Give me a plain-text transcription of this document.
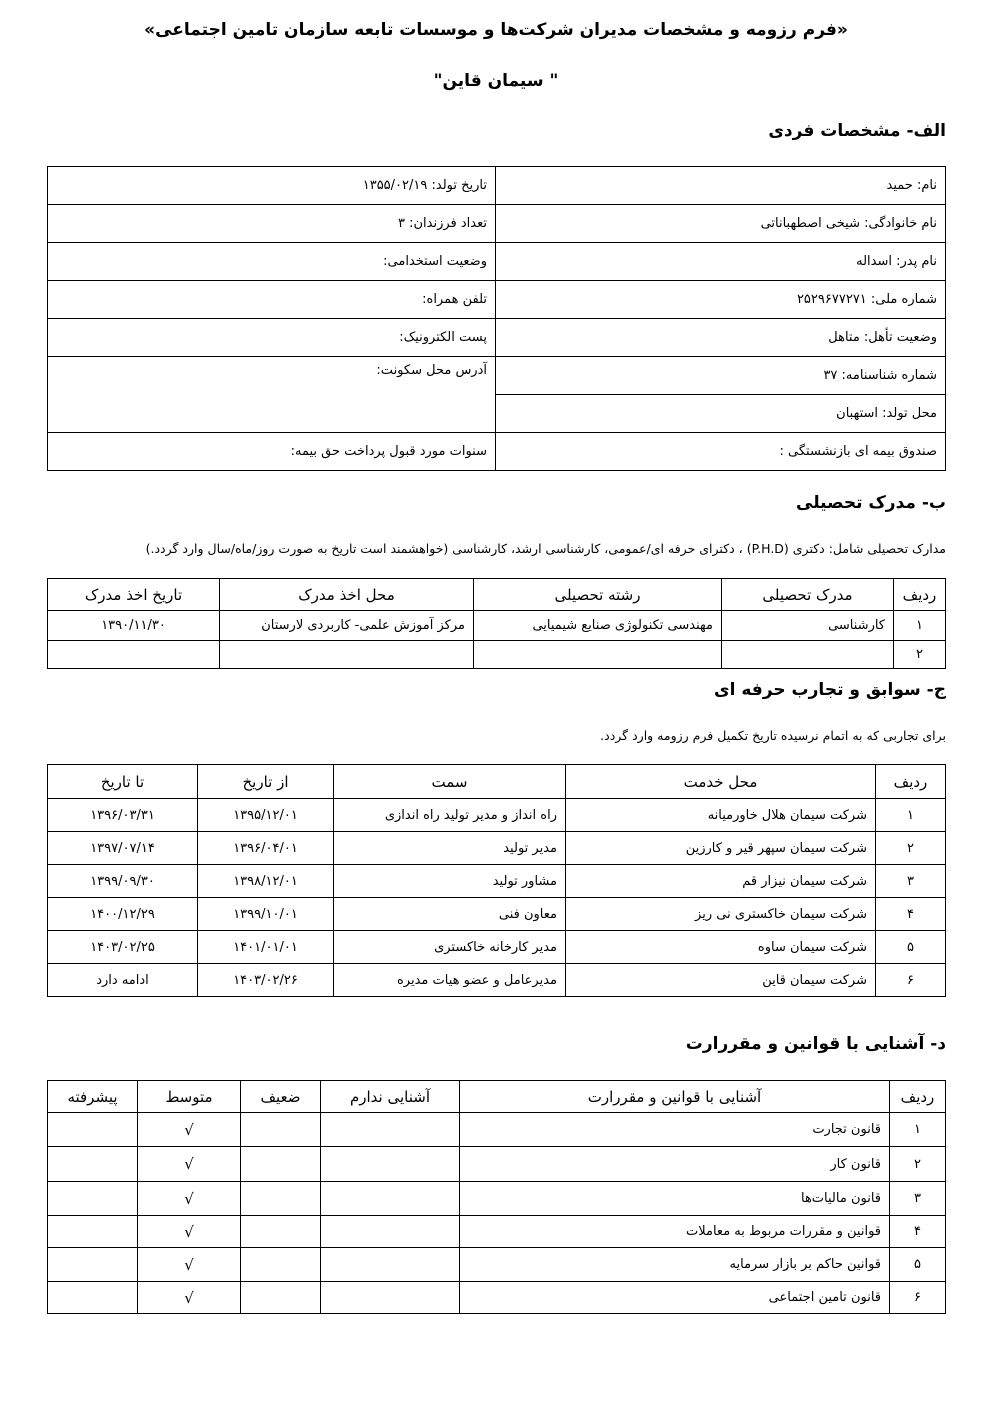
«فرم رزومه و مشخصات مدیران شرکت‌ها و موسسات تابعه سازمان تامین اجتماعی»
" سیمان قاین"
الف- مشخصات فردی
نام: حمید	تاریخ تولد: ۱۳۵۵/۰۲/۱۹
نام خانوادگی: شیخی اصطهباناتی	تعداد فرزندان: ۳
نام پدر: اسداله	وضعیت استخدامی:
شماره ملی: ۲۵۲۹۶۷۷۲۷۱	تلفن همراه:
وضعیت تأهل: متاهل	پست الکترونیک:
شماره شناسنامه: ۳۷	آدرس محل سکونت:
محل تولد: استهبان	
صندوق بیمه ای بازنشستگی :	سنوات مورد قبول پرداخت حق بیمه:
ب- مدرک تحصیلی
مدارک تحصیلی شامل: دکتری (P.H.D) ، دکترای حرفه ای/عمومی، کارشناسی ارشد، کارشناسی (خواهشمند است تاریخ به صورت روز/ماه/سال وارد گردد.)
ردیف	مدرک تحصیلی	رشته تحصیلی	محل اخذ مدرک	تاریخ اخذ مدرک
۱	کارشناسی	مهندسی تکنولوژی صنایع شیمیایی	مرکز آموزش علمی- کاربردی لارستان	۱۳۹۰/۱۱/۳۰
۲				
ج- سوابق و تجارب حرفه ای
برای تجاربی که به اتمام نرسیده تاریخ تکمیل فرم رزومه وارد گردد.
ردیف	محل خدمت	سمت	از تاریخ	تا تاریخ
۱	شرکت سیمان هلال خاورمیانه	راه انداز و مدیر تولید راه اندازی	۱۳۹۵/۱۲/۰۱	۱۳۹۶/۰۳/۳۱
۲	شرکت سیمان سپهر قیر و کارزین	مدیر تولید	۱۳۹۶/۰۴/۰۱	۱۳۹۷/۰۷/۱۴
۳	شرکت سیمان نیزار قم	مشاور تولید	۱۳۹۸/۱۲/۰۱	۱۳۹۹/۰۹/۳۰
۴	شرکت سیمان خاکستری نی ریز	معاون فنی	۱۳۹۹/۱۰/۰۱	۱۴۰۰/۱۲/۲۹
۵	شرکت سیمان ساوه	مدیر کارخانه خاکستری	۱۴۰۱/۰۱/۰۱	۱۴۰۳/۰۲/۲۵
۶	شرکت سیمان قاین	مدیرعامل و عضو هیات مدیره	۱۴۰۳/۰۲/۲۶	ادامه دارد
د- آشنایی با قوانین و مقررارت
ردیف	آشنایی با قوانین و مقررارت	آشنایی ندارم	ضعیف	متوسط	پیشرفته
۱	قانون تجارت			√	
۲	قانون کار			√	
۳	قانون مالیات‌ها			√	
۴	قوانین و مقررات مربوط به معاملات			√	
۵	قوانین حاکم بر بازار سرمایه			√	
۶	قانون تامین اجتماعی			√	
